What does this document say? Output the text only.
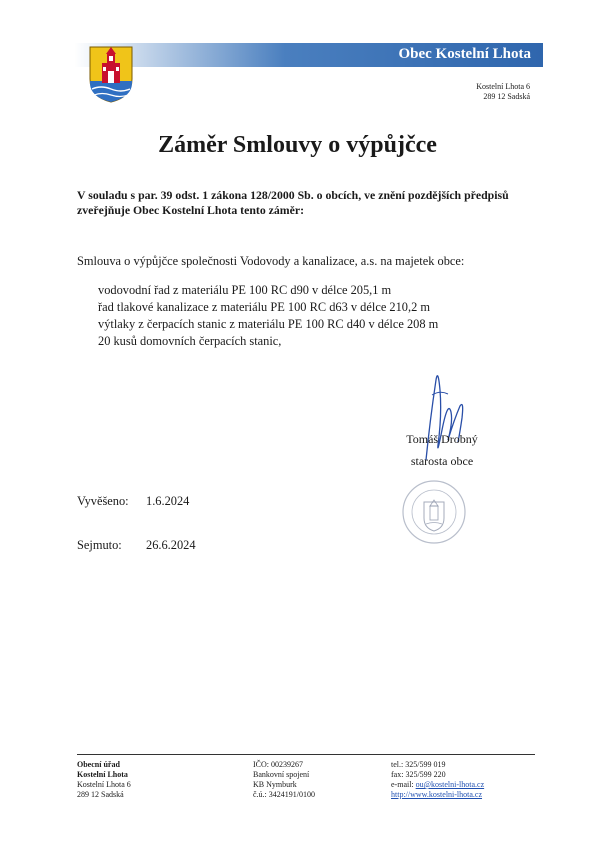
Obec Kostelní Lhota
Kostelní Lhota 6
289 12 Sadská
Záměr Smlouvy o výpůjčce
V souladu s par. 39 odst. 1 zákona 128/2000 Sb. o obcích, ve znění pozdějších předpisů zveřejňuje Obec Kostelní Lhota tento záměr:
Smlouva o výpůjčce společnosti Vodovody a kanalizace, a.s. na majetek obce:
vodovodní řad z materiálu PE 100 RC d90 v délce 205,1 m
řad tlakové kanalizace z materiálu PE 100 RC d63 v délce 210,2 m
výtlaky z čerpacích stanic z materiálu PE 100 RC d40 v délce 208 m
20 kusů domovních čerpacích stanic,
Tomáš Drobný
starosta obce
Vyvěšeno: 1.6.2024
Sejmuto: 26.6.2024
Obecní úřad
Kostelní Lhota
Kostelní Lhota 6
289 12 Sadská
IČO: 00239267
Bankovní spojení
KB Nymburk
č.ú.: 3424191/0100
tel.: 325/599 019
fax: 325/599 220
e-mail: ou@kostelni-lhota.cz
http://www.kostelni-lhota.cz
